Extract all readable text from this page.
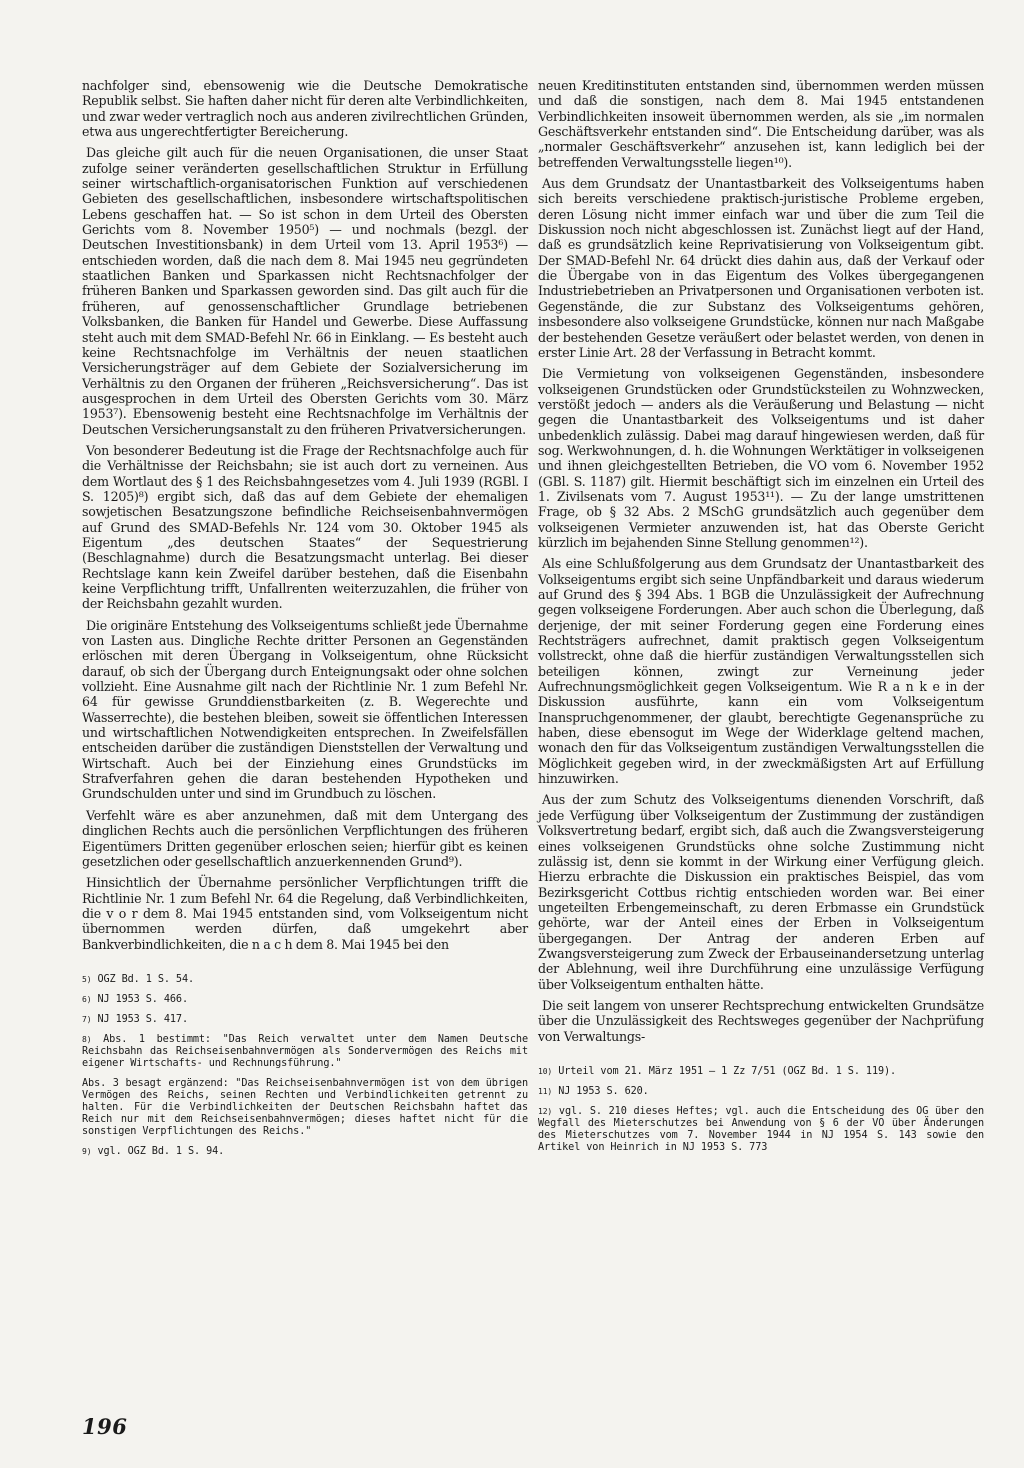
nachfolger sind, ebensowenig wie die Deutsche Demokratische Republik selbst. Sie haften daher nicht für deren alte Verbindlichkeiten, und zwar weder vertraglich noch aus anderen zivilrechtlichen Gründen, etwa aus ungerechtfertigter Bereicherung.

Das gleiche gilt auch für die neuen Organisationen, die unser Staat zufolge seiner veränderten gesellschaftlichen Struktur in Erfüllung seiner wirtschaftlich-organisatorischen Funktion auf verschiedenen Gebieten des gesellschaftlichen, insbesondere wirtschaftspolitischen Lebens geschaffen hat. — So ist schon in dem Urteil des Obersten Gerichts vom 8. November 1950⁵) — und nochmals (bezgl. der Deutschen Investitionsbank) in dem Urteil vom 13. April 1953⁶) — entschieden worden, daß die nach dem 8. Mai 1945 neu gegründeten staatlichen Banken und Sparkassen nicht Rechtsnachfolger der früheren Banken und Sparkassen geworden sind. Das gilt auch für die früheren, auf genossenschaftlicher Grundlage betriebenen Volksbanken, die Banken für Handel und Gewerbe. Diese Auffassung steht auch mit dem SMAD-Befehl Nr. 66 in Einklang. — Es besteht auch keine Rechtsnachfolge im Verhältnis der neuen staatlichen Versicherungsträger auf dem Gebiete der Sozialversicherung im Verhältnis zu den Organen der früheren „Reichsversicherung“. Das ist ausgesprochen in dem Urteil des Obersten Gerichts vom 30. März 1953⁷). Ebensowenig besteht eine Rechtsnachfolge im Verhältnis der Deutschen Versicherungsanstalt zu den früheren Privatversicherungen.

Von besonderer Bedeutung ist die Frage der Rechtsnachfolge auch für die Verhältnisse der Reichsbahn; sie ist auch dort zu verneinen. Aus dem Wortlaut des § 1 des Reichsbahngesetzes vom 4. Juli 1939 (RGBl. I S. 1205)⁸) ergibt sich, daß das auf dem Gebiete der ehemaligen sowjetischen Besatzungszone befindliche Reichseisenbahnvermögen auf Grund des SMAD-Befehls Nr. 124 vom 30. Oktober 1945 als Eigentum „des deutschen Staates“ der Sequestrierung (Beschlagnahme) durch die Besatzungsmacht unterlag. Bei dieser Rechtslage kann kein Zweifel darüber bestehen, daß die Eisenbahn keine Verpflichtung trifft, Unfallrenten weiterzuzahlen, die früher von der Reichsbahn gezahlt wurden.

Die originäre Entstehung des Volkseigentums schließt jede Übernahme von Lasten aus. Dingliche Rechte dritter Personen an Gegenständen erlöschen mit deren Übergang in Volkseigentum, ohne Rücksicht darauf, ob sich der Übergang durch Enteignungsakt oder ohne solchen vollzieht. Eine Ausnahme gilt nach der Richtlinie Nr. 1 zum Befehl Nr. 64 für gewisse Grunddienstbarkeiten (z. B. Wegerechte und Wasserrechte), die bestehen bleiben, soweit sie öffentlichen Interessen und wirtschaftlichen Notwendigkeiten entsprechen. In Zweifelsfällen entscheiden darüber die zuständigen Dienststellen der Verwaltung und Wirtschaft. Auch bei der Einziehung eines Grundstücks im Strafverfahren gehen die daran bestehenden Hypotheken und Grundschulden unter und sind im Grundbuch zu löschen.

Verfehlt wäre es aber anzunehmen, daß mit dem Untergang des dinglichen Rechts auch die persönlichen Verpflichtungen des früheren Eigentümers Dritten gegenüber erloschen seien; hierfür gibt es keinen gesetzlichen oder gesellschaftlich anzuerkennenden Grund⁹).

Hinsichtlich der Übernahme persönlicher Verpflichtungen trifft die Richtlinie Nr. 1 zum Befehl Nr. 64 die Regelung, daß Verbindlichkeiten, die v o r dem 8. Mai 1945 entstanden sind, vom Volkseigentum nicht übernommen werden dürfen, daß umgekehrt aber Bankverbindlichkeiten, die n a c h dem 8. Mai 1945 bei den

$^{5)}$ OGZ Bd. 1 S. 54.

$^{6)}$ NJ 1953 S. 466.

$^{7)}$ NJ 1953 S. 417.

$^{8)}$ Abs. 1 bestimmt: "Das Reich verwaltet unter dem Namen Deutsche Reichsbahn das Reichseisenbahnvermögen als Sondervermögen des Reichs mit eigener Wirtschafts- und Rechnungsführung."

Abs. 3 besagt ergänzend: "Das Reichseisenbahnvermögen ist von dem übrigen Vermögen des Reichs, seinen Rechten und Verbindlichkeiten getrennt zu halten. Für die Verbindlichkeiten der Deutschen Reichsbahn haftet das Reich nur mit dem Reichseisenbahnvermögen; dieses haftet nicht für die sonstigen Verpflichtungen des Reichs."

$^{9)}$ vgl. OGZ Bd. 1 S. 94.

neuen Kreditinstituten entstanden sind, übernommen werden müssen und daß die sonstigen, nach dem 8. Mai 1945 entstandenen Verbindlichkeiten insoweit übernommen werden, als sie „im normalen Geschäftsverkehr entstanden sind“. Die Entscheidung darüber, was als „normaler Geschäftsverkehr“ anzusehen ist, kann lediglich bei der betreffenden Verwaltungsstelle liegen¹⁰).

Aus dem Grundsatz der Unantastbarkeit des Volkseigentums haben sich bereits verschiedene praktisch-juristische Probleme ergeben, deren Lösung nicht immer einfach war und über die zum Teil die Diskussion noch nicht abgeschlossen ist. Zunächst liegt auf der Hand, daß es grundsätzlich keine Reprivatisierung von Volkseigentum gibt. Der SMAD-Befehl Nr. 64 drückt dies dahin aus, daß der Verkauf oder die Übergabe von in das Eigentum des Volkes übergegangenen Industriebetrieben an Privatpersonen und Organisationen verboten ist. Gegenstände, die zur Substanz des Volkseigentums gehören, insbesondere also volkseigene Grundstücke, können nur nach Maßgabe der bestehenden Gesetze veräußert oder belastet werden, von denen in erster Linie Art. 28 der Verfassung in Betracht kommt.

Die Vermietung von volkseigenen Gegenständen, insbesondere volkseigenen Grundstücken oder Grundstücksteilen zu Wohnzwecken, verstößt jedoch — anders als die Veräußerung und Belastung — nicht gegen die Unantastbarkeit des Volkseigentums und ist daher unbedenklich zulässig. Dabei mag darauf hingewiesen werden, daß für sog. Werkwohnungen, d. h. die Wohnungen Werktätiger in volkseigenen und ihnen gleichgestellten Betrieben, die VO vom 6. November 1952 (GBl. S. 1187) gilt. Hiermit beschäftigt sich im einzelnen ein Urteil des 1. Zivilsenats vom 7. August 1953¹¹). — Zu der lange umstrittenen Frage, ob § 32 Abs. 2 MSchG grundsätzlich auch gegenüber dem volkseigenen Vermieter anzuwenden ist, hat das Oberste Gericht kürzlich im bejahenden Sinne Stellung genommen¹²).

Als eine Schlußfolgerung aus dem Grundsatz der Unantastbarkeit des Volkseigentums ergibt sich seine Unpfändbarkeit und daraus wiederum auf Grund des § 394 Abs. 1 BGB die Unzulässigkeit der Aufrechnung gegen volkseigene Forderungen. Aber auch schon die Überlegung, daß derjenige, der mit seiner Forderung gegen eine Forderung eines Rechtsträgers aufrechnet, damit praktisch gegen Volkseigentum vollstreckt, ohne daß die hierfür zuständigen Verwaltungsstellen sich beteiligen können, zwingt zur Verneinung jeder Aufrechnungsmöglichkeit gegen Volkseigentum. Wie R a n k e in der Diskussion ausführte, kann ein vom Volkseigentum Inanspruchgenommener, der glaubt, berechtigte Gegenansprüche zu haben, diese ebensogut im Wege der Widerklage geltend machen, wonach den für das Volkseigentum zuständigen Verwaltungsstellen die Möglichkeit gegeben wird, in der zweckmäßigsten Art auf Erfüllung hinzuwirken.

Aus der zum Schutz des Volkseigentums dienenden Vorschrift, daß jede Verfügung über Volkseigentum der Zustimmung der zuständigen Volksvertretung bedarf, ergibt sich, daß auch die Zwangsversteigerung eines volkseigenen Grundstücks ohne solche Zustimmung nicht zulässig ist, denn sie kommt in der Wirkung einer Verfügung gleich. Hierzu erbrachte die Diskussion ein praktisches Beispiel, das vom Bezirksgericht Cottbus richtig entschieden worden war. Bei einer ungeteilten Erbengemeinschaft, zu deren Erbmasse ein Grundstück gehörte, war der Anteil eines der Erben in Volkseigentum übergegangen. Der Antrag der anderen Erben auf Zwangsversteigerung zum Zweck der Erbauseinandersetzung unterlag der Ablehnung, weil ihre Durchführung eine unzulässige Verfügung über Volkseigentum enthalten hätte.

Die seit langem von unserer Rechtsprechung entwickelten Grundsätze über die Unzulässigkeit des Rechtsweges gegenüber der Nachprüfung von Verwaltungs-

$^{10)}$ Urteil vom 21. März 1951 — 1 Zz 7/51 (OGZ Bd. 1 S. 119).

$^{11)}$ NJ 1953 S. 620.

$^{12)}$ vgl. S. 210 dieses Heftes; vgl. auch die Entscheidung des OG über den Wegfall des Mieterschutzes bei Anwendung von § 6 der VO über Änderungen des Mieterschutzes vom 7. November 1944 in NJ 1954 S. 143 sowie den Artikel von Heinrich in NJ 1953 S. 773

196
